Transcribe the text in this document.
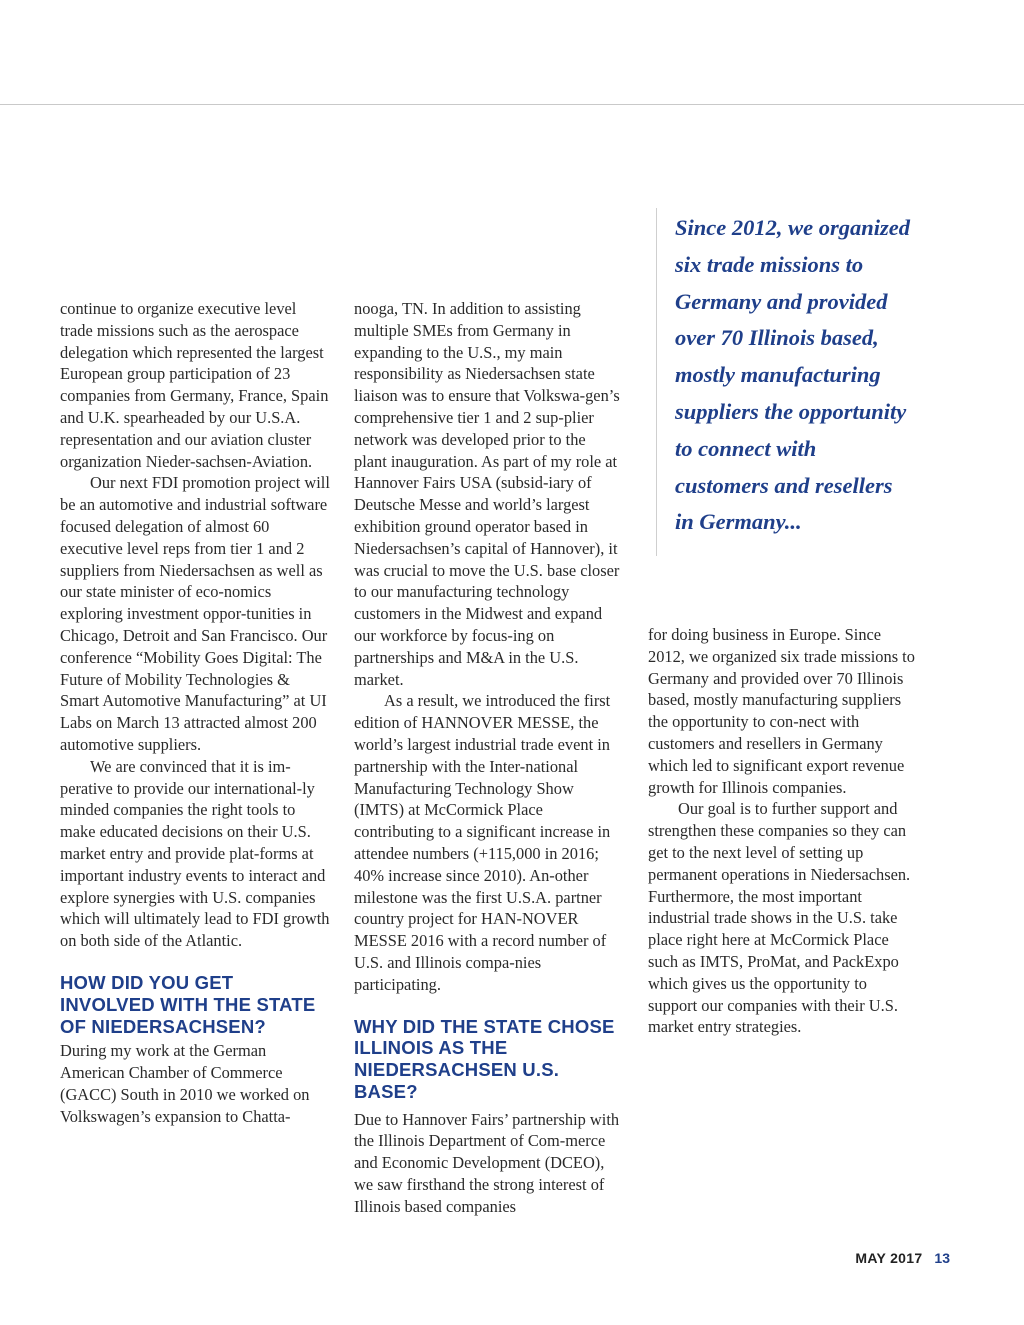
Since 2012, we organized
six trade missions to
Germany and provided
over 70 Illinois based,
mostly manufacturing
suppliers the opportunity
to connect with
customers and resellers
in Germany...

continue to organize executive level trade missions such as the aerospace delegation which represented the largest European group participation of 23 companies from Germany, France, Spain and U.K. spearheaded by our U.S.A. representation and our aviation cluster organization Nieder-sachsen-Aviation.

Our next FDI promotion project will be an automotive and industrial software focused delegation of almost 60 executive level reps from tier 1 and 2 suppliers from Niedersachsen as well as our state minister of eco-nomics exploring investment oppor-tunities in Chicago, Detroit and San Francisco. Our conference “Mobility Goes Digital: The Future of Mobility Technologies & Smart Automotive Manufacturing” at UI Labs on March 13 attracted almost 200 automotive suppliers.

We are convinced that it is im-perative to provide our international-ly minded companies the right tools to make educated decisions on their U.S. market entry and provide plat-forms at important industry events to interact and explore synergies with U.S. companies which will ultimately lead to FDI growth on both side of the Atlantic.

HOW DID YOU GET INVOLVED WITH THE STATE OF NIEDERSACHSEN?

During my work at the German American Chamber of Commerce (GACC) South in 2010 we worked on Volkswagen’s expansion to Chatta-

nooga, TN. In addition to assisting multiple SMEs from Germany in expanding to the U.S., my main responsibility as Niedersachsen state liaison was to ensure that Volkswa-gen’s comprehensive tier 1 and 2 sup-plier network was developed prior to the plant inauguration. As part of my role at Hannover Fairs USA (subsid-iary of Deutsche Messe and world’s largest exhibition ground operator based in Niedersachsen’s capital of Hannover), it was crucial to move the U.S. base closer to our manufacturing technology customers in the Midwest and expand our workforce by focus-ing on partnerships and M&A in the U.S. market.

As a result, we introduced the first edition of HANNOVER MESSE, the world’s largest industrial trade event in partnership with the Inter-national Manufacturing Technology Show (IMTS) at McCormick Place contributing to a significant increase in attendee numbers (+115,000 in 2016; 40% increase since 2010). An-other milestone was the first U.S.A. partner country project for HAN-NOVER MESSE 2016 with a record number of U.S. and Illinois compa-nies participating.

WHY DID THE STATE CHOSE ILLINOIS AS THE NIEDERSACHSEN U.S. BASE?

Due to Hannover Fairs’ partnership with the Illinois Department of Com-merce and Economic Development (DCEO), we saw firsthand the strong interest of Illinois based companies

for doing business in Europe. Since 2012, we organized six trade missions to Germany and provided over 70 Illinois based, mostly manufacturing suppliers the opportunity to con-nect with customers and resellers in Germany which led to significant export revenue growth for Illinois companies.

Our goal is to further support and strengthen these companies so they can get to the next level of setting up permanent operations in Niedersachsen. Furthermore, the most important industrial trade shows in the U.S. take place right here at McCormick Place such as IMTS, ProMat, and PackExpo which gives us the opportunity to support our companies with their U.S. market entry strategies.

MAY 2017 13
